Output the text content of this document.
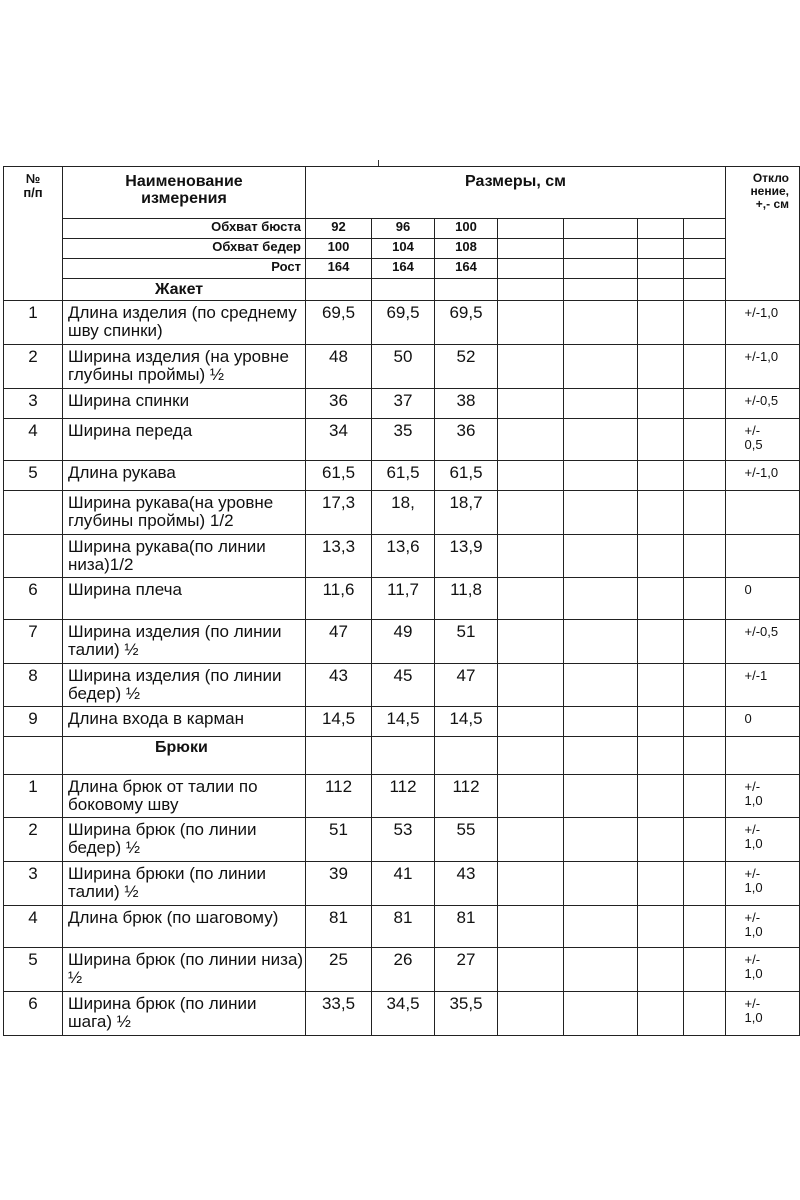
№
п/п	Наименование
измерения	Размеры, см							Откло
нение,
+,- см
	Обхват бюста	92	96	100					
	Обхват бедер	100	104	108					
	Рост	164	164	164					
	Жакет								
1	Длина изделия (по среднему шву спинки)	69,5	69,5	69,5					+/-1,0
2	Ширина изделия (на уровне глубины проймы) ½	48	50	52					+/-1,0
3	Ширина спинки	36	37	38					+/-0,5
4	Ширина переда	34	35	36					+/- 0,5
5	Длина рукава	61,5	61,5	61,5					+/-1,0
	Ширина рукава(на уровне глубины проймы) 1/2	17,3	18,	18,7					
	Ширина рукава(по линии низа)1/2	13,3	13,6	13,9					
6	Ширина плеча	11,6	11,7	11,8					0
7	Ширина изделия (по линии талии) ½	47	49	51					+/-0,5
8	Ширина изделия (по линии бедер) ½	43	45	47					+/-1
9	Длина входа в карман	14,5	14,5	14,5					0
	Брюки								
1	Длина брюк от талии по боковому шву	112	112	112					+/- 1,0
2	Ширина брюк (по линии бедер) ½	51	53	55					+/- 1,0
3	Ширина брюки (по линии талии) ½	39	41	43					+/- 1,0
4	Длина брюк (по шаговому)	81	81	81					+/- 1,0
5	Ширина брюк (по линии низа) ½	25	26	27					+/- 1,0
6	Ширина брюк (по линии шага) ½	33,5	34,5	35,5					+/- 1,0
